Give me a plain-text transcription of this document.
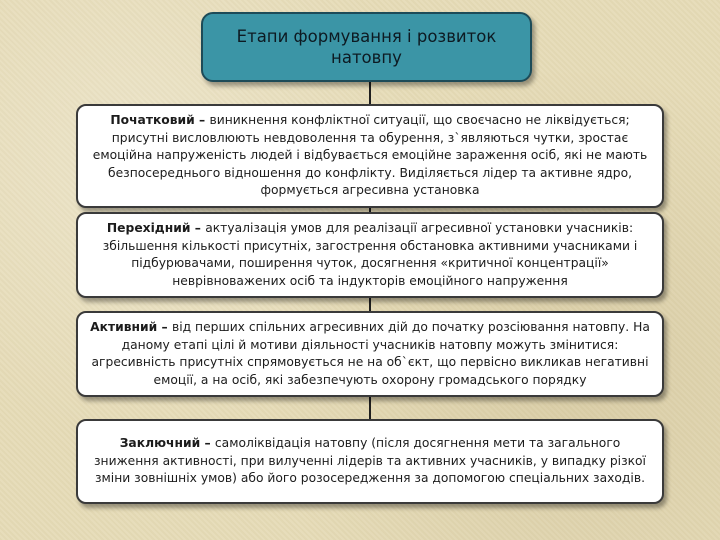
Етапи формування і розвиток натовпу
Початковий – виникнення конфліктної ситуації, що своєчасно не ліквідується; присутні висловлюють невдоволення та обурення, з`являються чутки, зростає емоційна напруженість людей і відбувається емоційне зараження осіб, які не мають безпосереднього відношення до конфлікту. Виділяється лідер та активне ядро, формується агресивна установка
Перехідний – актуалізація умов для реалізації агресивної установки учасників: збільшення кількості присутніх, загострення обстановка активними учасниками і підбурювачами, поширення чуток, досягнення «критичної концентрації» неврівноважених осіб та індукторів емоційного напруження
Активний – від перших спільних агресивних дій до початку розсіювання натовпу. На даному етапі цілі й мотиви діяльності учасників натовпу можуть змінитися: агресивність присутніх спрямовується не на об`єкт, що первісно викликав негативні емоції, а на осіб, які забезпечують охорону громадського порядку
Заключний – самоліквідація натовпу (після досягнення мети та загального зниження активності, при вилученні лідерів та активних учасників, у випадку різкої зміни зовнішніх умов) або його розосередження за допомогою спеціальних заходів.
